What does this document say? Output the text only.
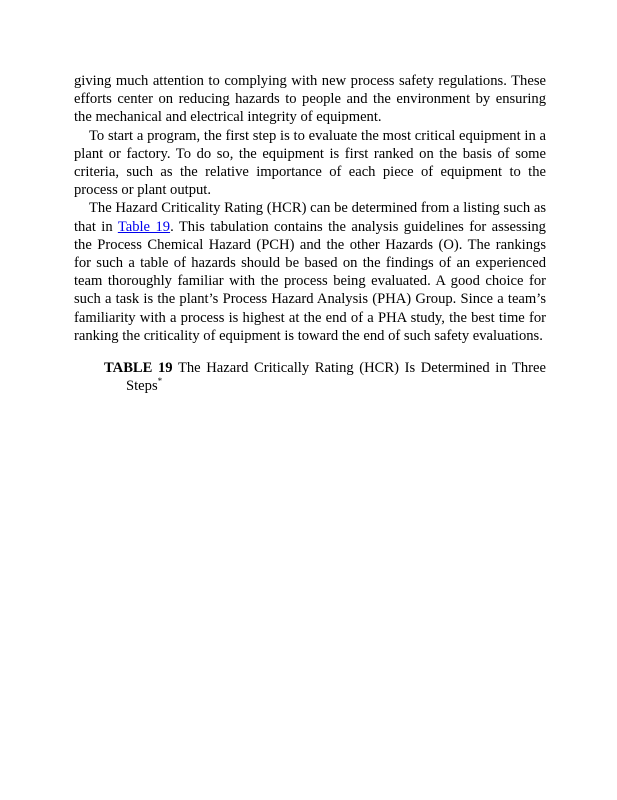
giving much attention to complying with new process safety regulations. These efforts center on reducing hazards to people and the environment by ensuring the mechanical and electrical integrity of equipment.

To start a program, the first step is to evaluate the most critical equipment in a plant or factory. To do so, the equipment is first ranked on the basis of some criteria, such as the relative importance of each piece of equipment to the process or plant output.

The Hazard Criticality Rating (HCR) can be determined from a listing such as that in Table 19. This tabulation contains the analysis guidelines for assessing the Process Chemical Hazard (PCH) and the other Hazards (O). The rankings for such a table of hazards should be based on the findings of an experienced team thoroughly familiar with the process being evaluated. A good choice for such a task is the plant’s Process Hazard Analysis (PHA) Group. Since a team’s familiarity with a process is highest at the end of a PHA study, the best time for ranking the criticality of equipment is toward the end of such safety evaluations.

TABLE 19 The Hazard Critically Rating (HCR) Is Determined in Three Steps*
